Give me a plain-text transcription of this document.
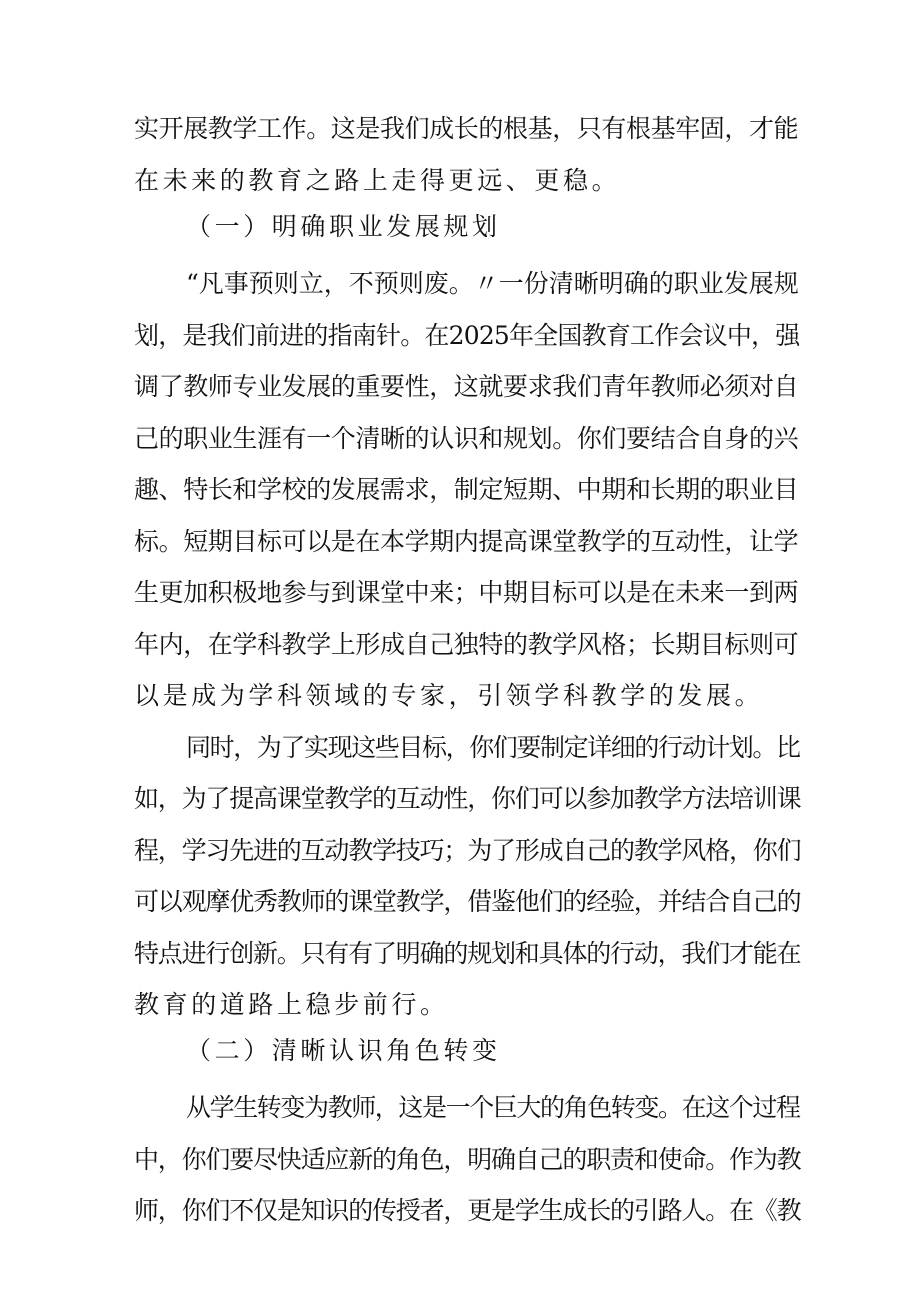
实开展教学工作。这是我们成长的根基，只有根基牢固，才能
在未来的教育之路上走得更远、更稳。
（一）明确职业发展规划
“凡事预则立，不预则废。〃一份清晰明确的职业发展规
划，是我们前进的指南针。在2025年全国教育工作会议中，强
调了教师专业发展的重要性，这就要求我们青年教师必须对自
己的职业生涯有一个清晰的认识和规划。你们要结合自身的兴
趣、特长和学校的发展需求，制定短期、中期和长期的职业目
标。短期目标可以是在本学期内提高课堂教学的互动性，让学
生更加积极地参与到课堂中来；中期目标可以是在未来一到两
年内，在学科教学上形成自己独特的教学风格；长期目标则可
以是成为学科领域的专家，引领学科教学的发展。
同时，为了实现这些目标，你们要制定详细的行动计划。比
如，为了提高课堂教学的互动性，你们可以参加教学方法培训课
程，学习先进的互动教学技巧；为了形成自己的教学风格，你们
可以观摩优秀教师的课堂教学，借鉴他们的经验，并结合自己的
特点进行创新。只有有了明确的规划和具体的行动，我们才能在
教育的道路上稳步前行。
（二）清晰认识角色转变
从学生转变为教师，这是一个巨大的角色转变。在这个过程
中，你们要尽快适应新的角色，明确自己的职责和使命。作为教
师，你们不仅是知识的传授者，更是学生成长的引路人。在《教
